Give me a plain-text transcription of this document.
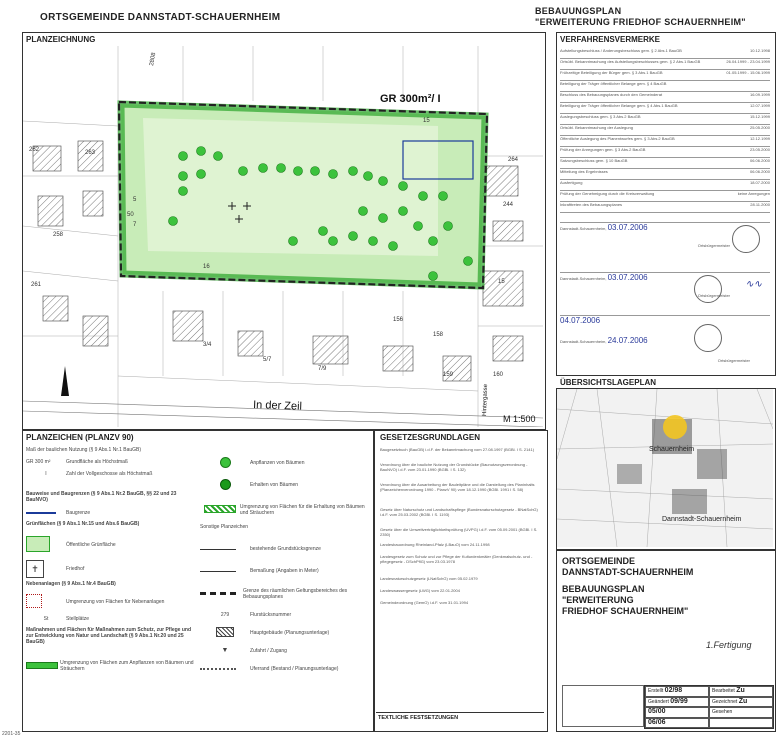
ORTSGEMEINDE DANNSTADT-SCHAUERNHEIM
BEBAUUNGSPLAN
"ERWEITERUNG FRIEDHOF SCHAUERNHEIM"
PLANZEICHNUNG
GR 300m²/ I
In der Zeil	Hintergasse
M 1:500
2808
262	263
264
258
261
3/4
5/7
7/9
156
158
159	160
244
5
7
15
16
50
15
PLANZEICHEN (PLANZV 90)
Maß der baulichen Nutzung (§ 9 Abs.1 Nr.1 BauGB)
GR 300 m²	Grundfläche als Höchstmaß
I	Zahl der Vollgeschosse als Höchstmaß
Bauweise und Baugrenzen (§ 9 Abs.1 Nr.2 BauGB, §§ 22 und 23 BauNVO)
Baugrenze
Grünflächen (§ 9 Abs.1 Nr.15 und Abs.6 BauGB)
Öffentliche Grünfläche
✝	Friedhof
Nebenanlagen (§ 9 Abs.1 Nr.4 BauGB)
Umgrenzung von Flächen für Nebenanlagen
St	Stellplätze
Maßnahmen und Flächen für Maßnahmen zum Schutz, zur Pflege und zur Entwicklung von Natur und Landschaft (§ 9 Abs.1 Nr.20 und 25 BauGB)
Umgrenzung von Flächen zum Anpflanzen von Bäumen und Sträuchern
Anpflanzen von Bäumen
Erhalten von Bäumen
Umgrenzung von Flächen für die Erhaltung von Bäumen und Sträuchern
Sonstige Planzeichen
bestehende Grundstücksgrenze
Bemaßung (Angaben in Meter)
Grenze des räumlichen Geltungsbereiches des Bebauungsplanes
279	Flurstücksnummer
Hauptgebäude (Planungsunterlage)
▼	Zufahrt / Zugang
Uferrand (Bestand / Planungsunterlage)
GESETZESGRUNDLAGEN
Baugesetzbuch (BauGB) i.d.F. der Bekanntmachung vom 27.08.1997 (BGBl. I S. 2141)
Verordnung über die bauliche Nutzung der Grundstücke (Baunutzungsverordnung - BauNVO) i.d.F. vom 23.01.1990 (BGBl. I S. 132)
Verordnung über die Ausarbeitung der Bauleitpläne und die Darstellung des Planinhalts (Planzeichenverordnung 1990 - PlanzV 90) vom 18.12.1990 (BGBl. 1991 I S. 58)
Gesetz über Naturschutz und Landschaftspflege (Bundesnaturschutzgesetz - BNatSchG) i.d.F. vom 25.03.2002 (BGBl. I S. 1193)
Gesetz über die Umweltverträglichkeitsprüfung (UVPG) i.d.F. vom 05.09.2001 (BGBl. I S. 2350)
Landesbauordnung Rheinland-Pfalz (LBauO) vom 24.11.1998
Landesgesetz zum Schutz und zur Pflege der Kulturdenkmäler (Denkmalschutz- und -pflegegesetz - DSchPflG) vom 23.03.1978
Landesnaturschutzgesetz (LNatSchG) vom 05.02.1979
Landeswassergesetz (LWG) vom 22.01.2004
Gemeindeordnung (GemO) i.d.F. vom 31.01.1994
TEXTLICHE FESTSETZUNGEN
VERFAHRENSVERMERKE
Aufstellungsbeschluss / Änderungsbeschluss gem. § 2 Abs.1 BauGB	10.12.1998
Ortsübl. Bekanntmachung des Aufstellungsbeschlusses gem. § 2 Abs.1 BauGB	26.04.1999 - 23.04.1999
Frühzeitige Beteiligung der Bürger gem. § 3 Abs.1 BauGB	01.05.1999 - 15.06.1999
Beteiligung der Träger öffentlicher Belange gem. § 4 BauGB
Beschluss des Bebauungsplanes durch den Gemeinderat	16.09.1999
Beteiligung der Träger öffentlicher Belange gem. § 4 Abs.1 BauGB	12.07.1999
Auslegungsbeschluss gem. § 3 Abs.2 BauGB	15.12.1999
Ortsübl. Bekanntmachung der Auslegung	25.05.2000
Öffentliche Auslegung des Planentwurfes gem. § 3 Abs.2 BauGB	12.12.1999
Prüfung der Anregungen gem. § 3 Abs.2 BauGB	23.05.2000
Satzungsbeschluss gem. § 10 BauGB	06.06.2000
Mitteilung des Ergebnisses	06.06.2000
Ausfertigung	18.07.2000
Prüfung der Genehmigung durch die Kreisverwaltung	keine Anregungen
Inkrafttreten des Bebauungsplanes	28.11.2000
Dannstadt-Schauernheim, 03.07.2006
Ortsbürgermeister
Dannstadt-Schauernheim, 03.07.2006
Ortsbürgermeister
∿∿
04.07.2006
Dannstadt-Schauernheim, 24.07.2006
Ortsbürgermeister
ÜBERSICHTSLAGEPLAN
Schauernheim
Dannstadt-Schauernheim
ORTSGEMEINDE
DANNSTADT-SCHAUERNHEIM
BEBAUUNGSPLAN
"ERWEITERUNG
FRIEDHOF SCHAUERNHEIM"
1.Fertigung
Erstellt 02/98	Bearbeitet Zu
Geändert 09/99	Gezeichnet Zu
05/00	Gesehen
06/06
2201-35
